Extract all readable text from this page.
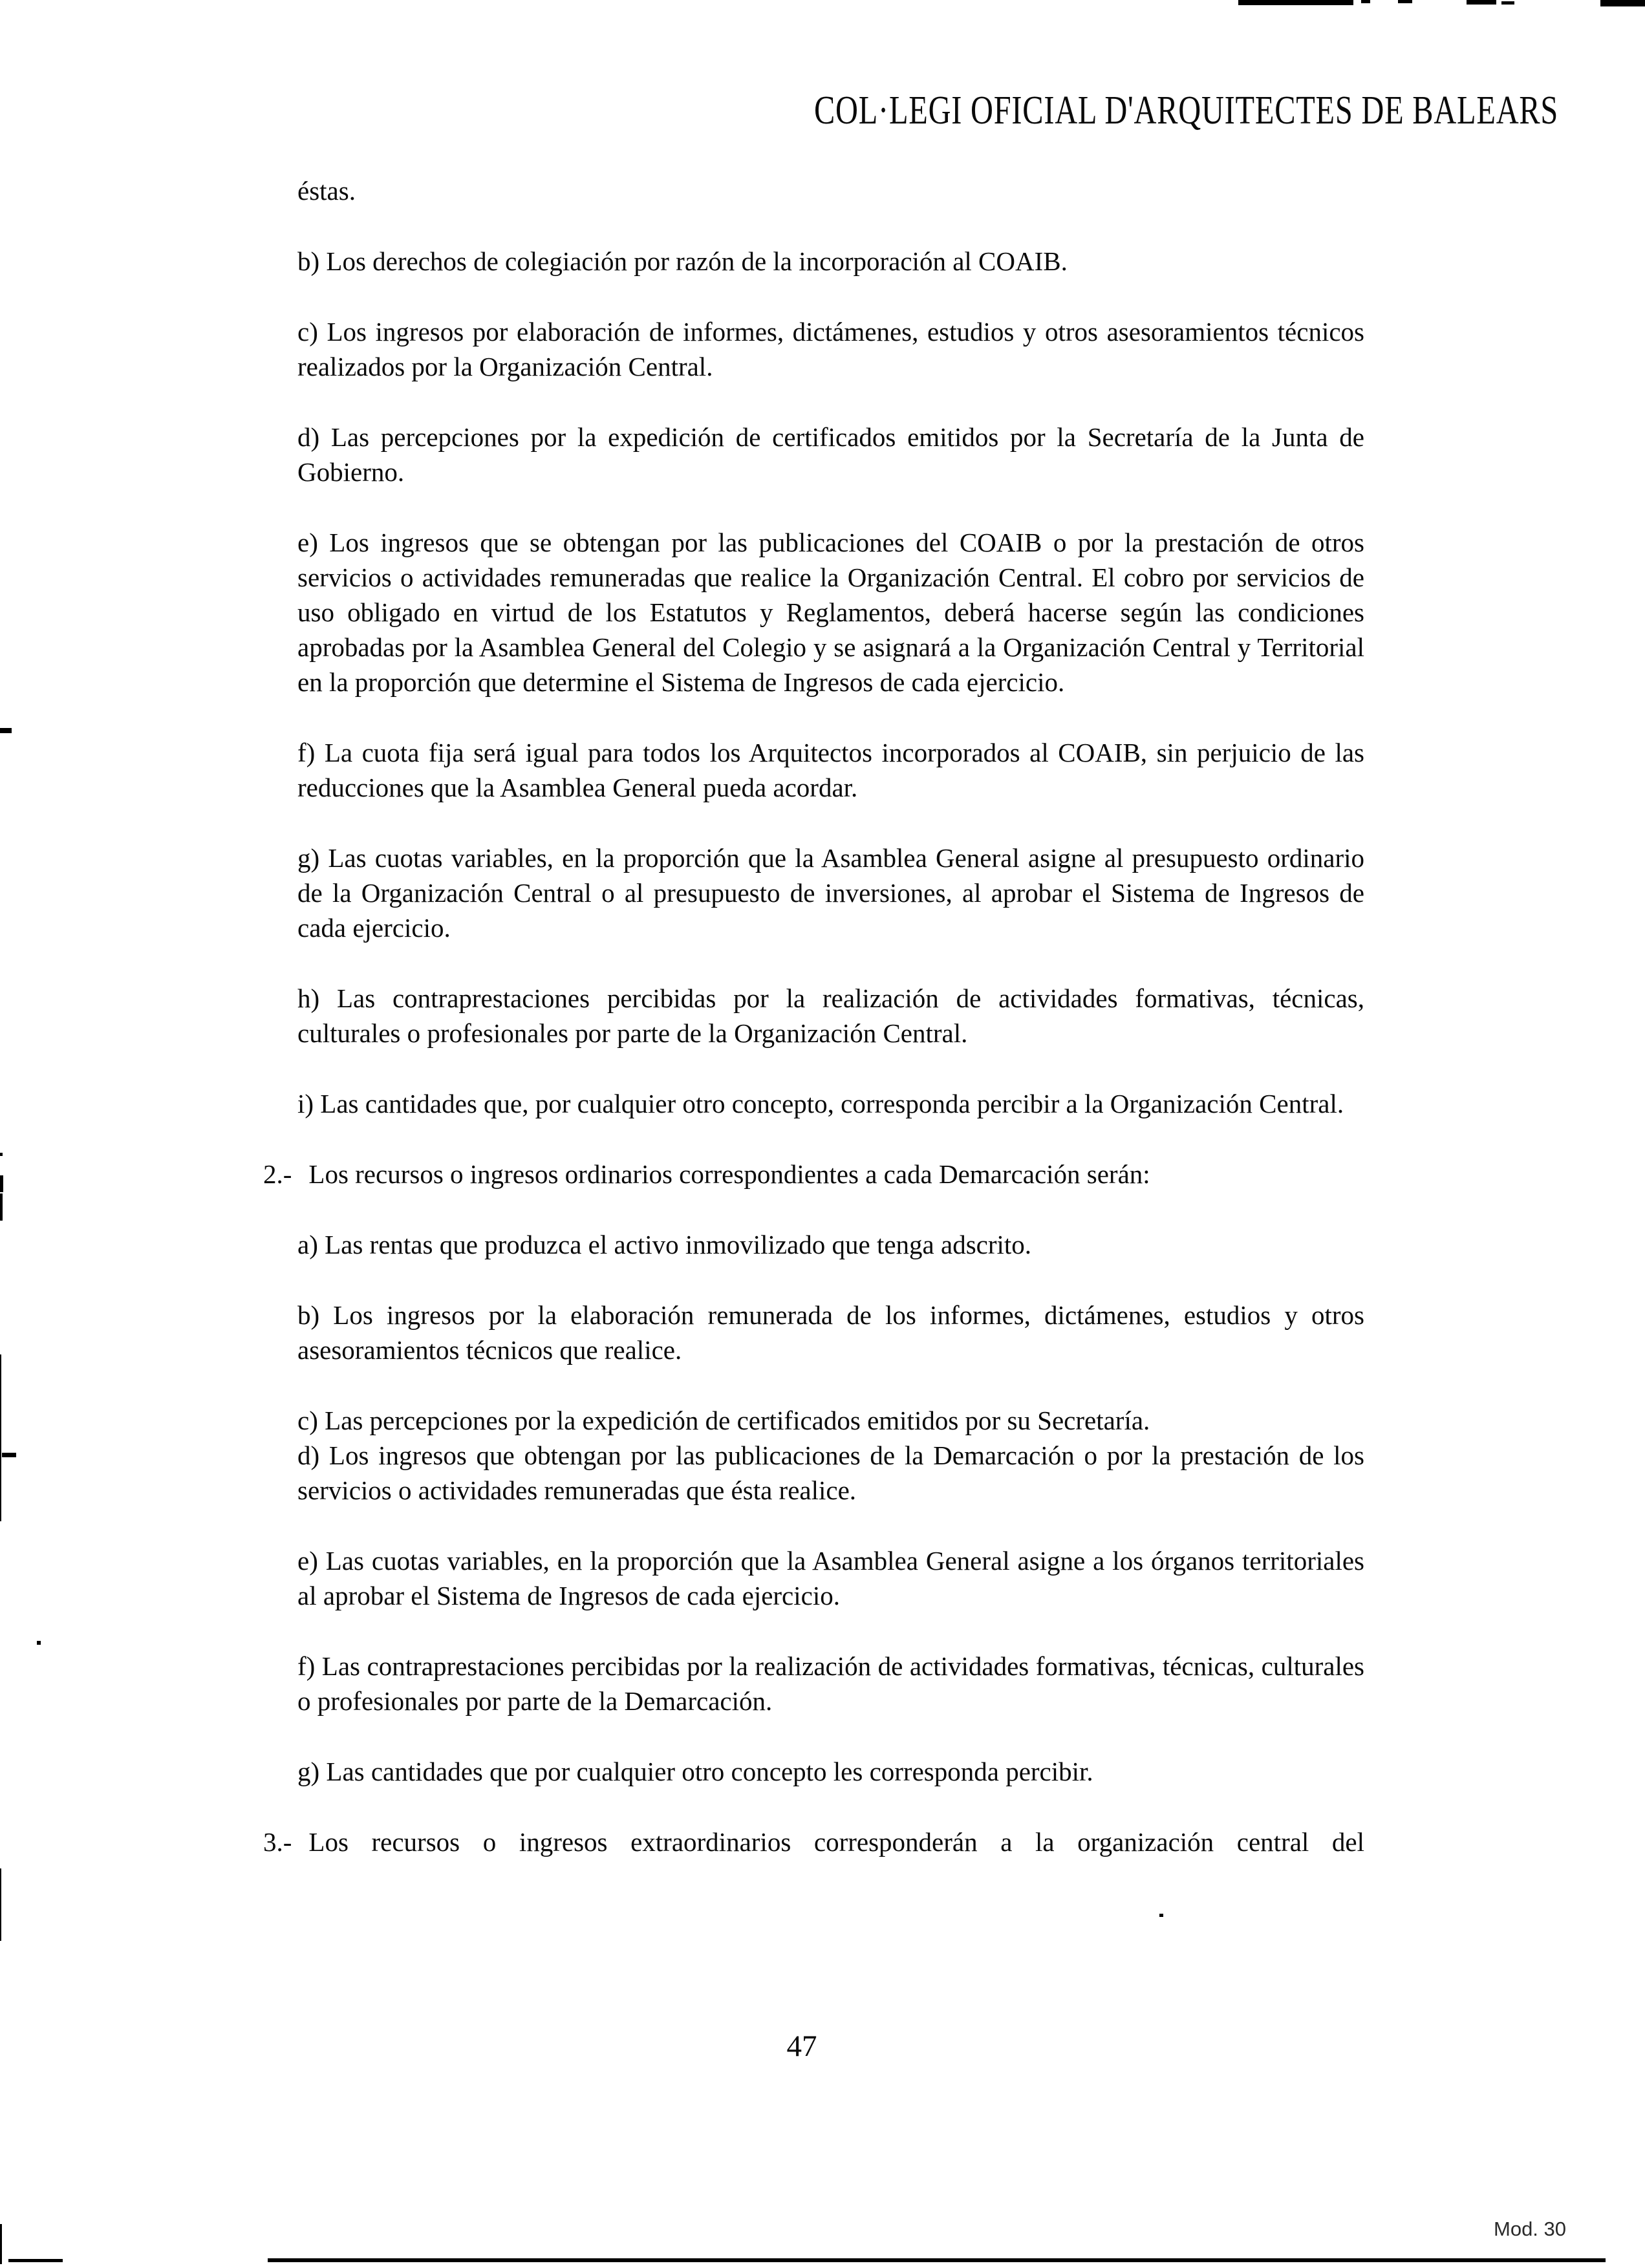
COL·LEGI OFICIAL D'ARQUITECTES DE BALEARS

éstas.

b) Los derechos de colegiación por razón de la incorporación al COAIB.

c) Los ingresos por elaboración de informes, dictámenes, estudios y otros asesoramientos técnicos realizados por la Organización Central.

d) Las percepciones por la expedición de certificados emitidos por la Secretaría de la Junta de Gobierno.

e) Los ingresos que se obtengan por las publicaciones del COAIB o por la prestación de otros servicios o actividades remuneradas que realice la Organización Central. El cobro por servicios de uso obligado en virtud de los Estatutos y Reglamentos, deberá hacerse según las condiciones aprobadas por la Asamblea General del Colegio y se asignará a la Organización Central y Territorial en la proporción que determine el Sistema de Ingresos de cada ejercicio.

f) La cuota fija será igual para todos los Arquitectos incorporados al COAIB, sin perjuicio de las reducciones que la Asamblea General pueda acordar.

g) Las cuotas variables, en la proporción que la Asamblea General asigne al presupuesto ordinario de la Organización Central o al presupuesto de inversiones, al aprobar el Sistema de Ingresos de cada ejercicio.

h) Las contraprestaciones percibidas por la realización de actividades formativas, técnicas, culturales o profesionales por parte de la Organización Central.

i) Las cantidades que, por cualquier otro concepto, corresponda percibir a la Organización Central.

2.- Los recursos o ingresos ordinarios correspondientes a cada Demarcación serán:

a) Las rentas que produzca el activo inmovilizado que tenga adscrito.

b) Los ingresos por la elaboración remunerada de los informes, dictámenes, estudios y otros asesoramientos técnicos que realice.

c) Las percepciones por la expedición de certificados emitidos por su Secretaría.

d) Los ingresos que obtengan por las publicaciones de la Demarcación o por la prestación de los servicios o actividades remuneradas que ésta realice.

e) Las cuotas variables, en la proporción que la Asamblea General asigne a los órganos territoriales al aprobar el Sistema de Ingresos de cada ejercicio.

f) Las contraprestaciones percibidas por la realización de actividades formativas, técnicas, culturales o profesionales por parte de la Demarcación.

g) Las cantidades que por cualquier otro concepto les corresponda percibir.

3.- Los recursos o ingresos extraordinarios corresponderán a la organización central del

47
Mod. 30
